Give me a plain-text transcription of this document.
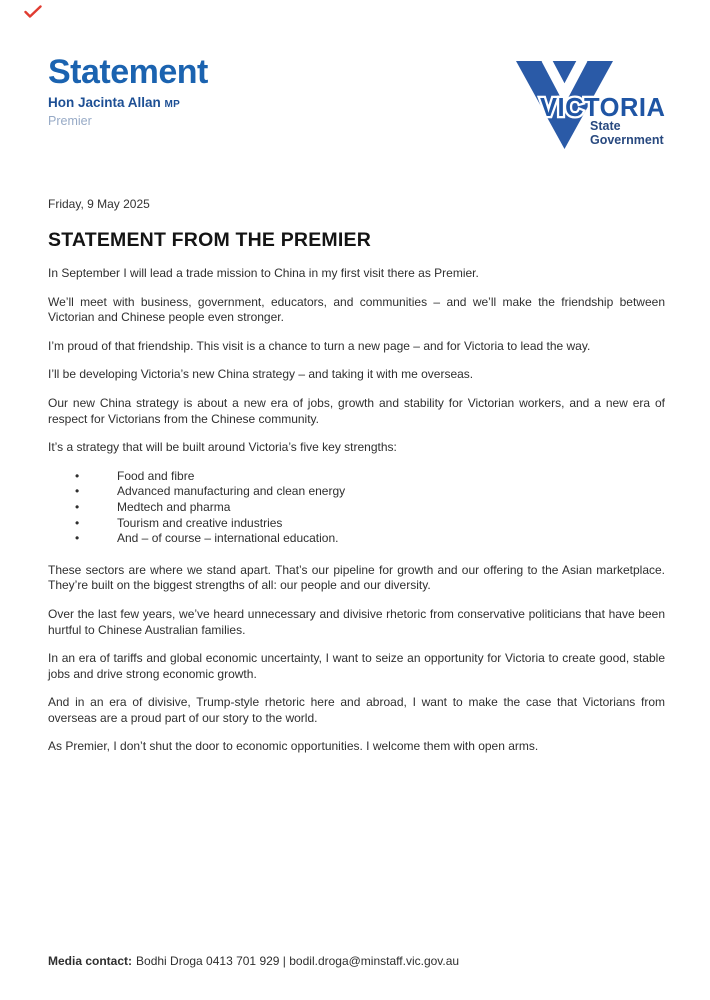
Statement
Hon Jacinta Allan MP
Premier	VICTORIA
State
Government
Friday, 9 May 2025
STATEMENT FROM THE PREMIER

In September I will lead a trade mission to China in my first visit there as Premier.

We’ll meet with business, government, educators, and communities – and we’ll make the friendship between Victorian and Chinese people even stronger.

I’m proud of that friendship. This visit is a chance to turn a new page – and for Victoria to lead the way.

I’ll be developing Victoria’s new China strategy – and taking it with me overseas.

Our new China strategy is about a new era of jobs, growth and stability for Victorian workers, and a new era of respect for Victorians from the Chinese community.

It’s a strategy that will be built around Victoria’s five key strengths:

• Food and fibre
• Advanced manufacturing and clean energy
• Medtech and pharma
• Tourism and creative industries
• And – of course – international education.

These sectors are where we stand apart. That’s our pipeline for growth and our offering to the Asian marketplace. They’re built on the biggest strengths of all: our people and our diversity.

Over the last few years, we’ve heard unnecessary and divisive rhetoric from conservative politicians that have been hurtful to Chinese Australian families.

In an era of tariffs and global economic uncertainty, I want to seize an opportunity for Victoria to create good, stable jobs and drive strong economic growth.

And in an era of divisive, Trump-style rhetoric here and abroad, I want to make the case that Victorians from overseas are a proud part of our story to the world.

As Premier, I don’t shut the door to economic opportunities. I welcome them with open arms.

Media contact: Bodhi Droga 0413 701 929 | bodil.droga@minstaff.vic.gov.au
